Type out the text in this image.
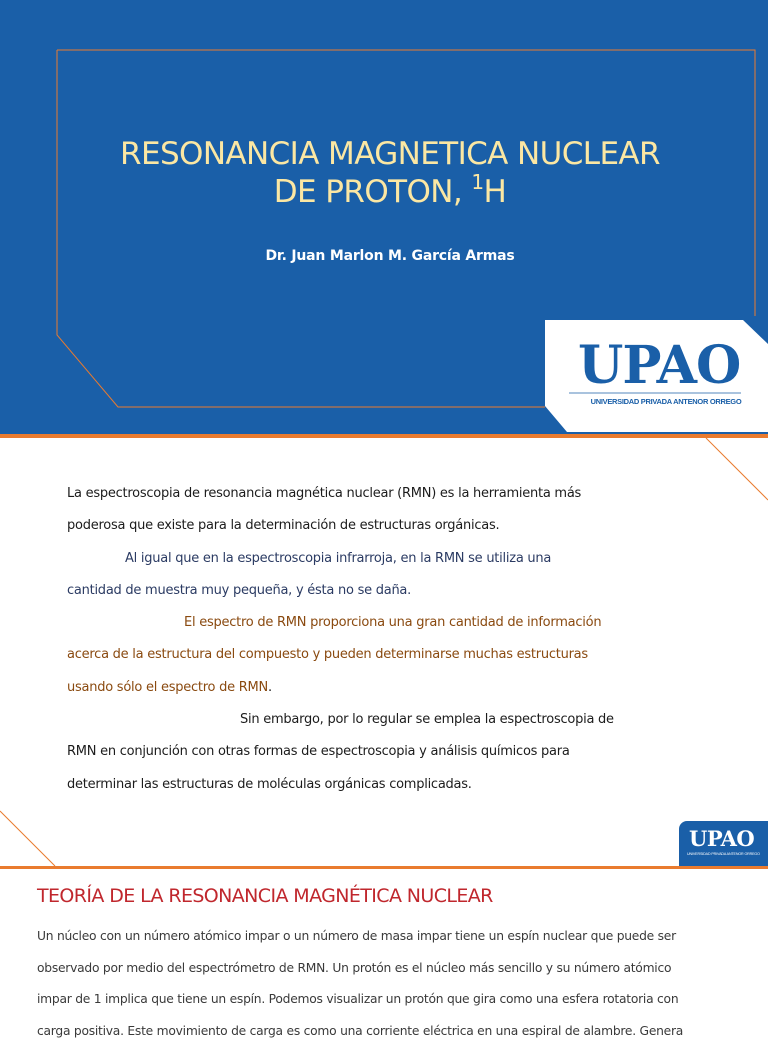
RESONANCIA MAGNETICA NUCLEAR
DE PROTON, $^1$H
Dr. Juan Marlon M. García Armas
UPAO
UNIVERSIDAD PRIVADA ANTENOR ORREGO
La espectroscopia de resonancia magnética nuclear (RMN) es la herramienta más
poderosa que existe para la determinación de estructuras orgánicas.
Al igual que en la espectroscopia infrarroja, en la RMN se utiliza una
cantidad de muestra muy pequeña, y ésta no se daña.
El espectro de RMN proporciona una gran cantidad de información
acerca de la estructura del compuesto y pueden determinarse muchas estructuras
usando sólo el espectro de RMN.
Sin embargo, por lo regular se emplea la espectroscopia de
RMN en conjunción con otras formas de espectroscopia y análisis químicos para
determinar las estructuras de moléculas orgánicas complicadas.
UPAO
UNIVERSIDAD PRIVADA ANTENOR ORREGO
TEORÍA DE LA RESONANCIA MAGNÉTICA NUCLEAR
Un núcleo con un número atómico impar o un número de masa impar tiene un espín nuclear que puede ser
observado por medio del espectrómetro de RMN. Un protón es el núcleo más sencillo y su número atómico
impar de 1 implica que tiene un espín. Podemos visualizar un protón que gira como una esfera rotatoria con
carga positiva. Este movimiento de carga es como una corriente eléctrica en una espiral de alambre. Genera
